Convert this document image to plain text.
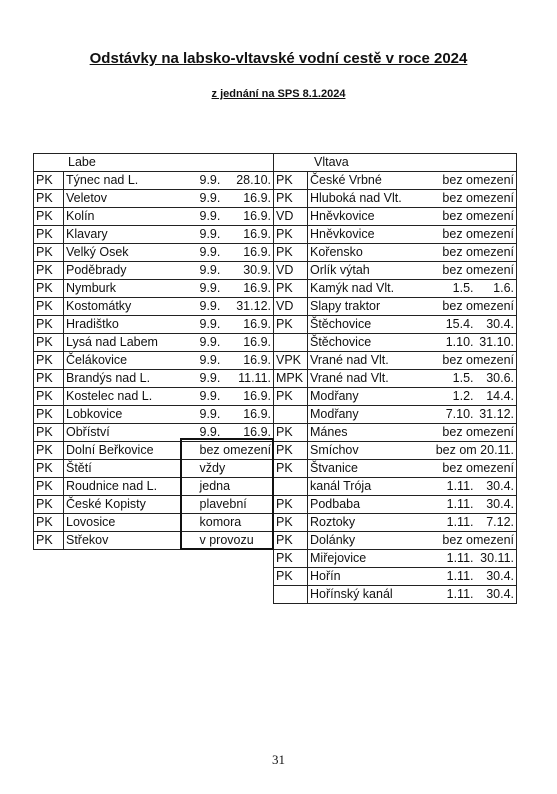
Odstávky na labsko-vltavské vodní cestě v roce 2024
z jednání na SPS 8.1.2024
Labe			
PK	Týnec nad L.	9.9.	28.10.
PK	Veletov	9.9.	16.9.
PK	Kolín	9.9.	16.9.
PK	Klavary	9.9.	16.9.
PK	Velký Osek	9.9.	16.9.
PK	Poděbrady	9.9.	30.9.
PK	Nymburk	9.9.	16.9.
PK	Kostomátky	9.9.	31.12.
PK	Hradištko	9.9.	16.9.
PK	Lysá nad Labem	9.9.	16.9.
PK	Čelákovice	9.9.	16.9.
PK	Brandýs nad L.	9.9.	11.11.
PK	Kostelec nad L.	9.9.	16.9.
PK	Lobkovice	9.9.	16.9.
PK	Obříství	9.9.	16.9.
PK	Dolní Beřkovice	bez omezení	
PK	Štětí	vždy	
PK	Roudnice nad L.	jedna	
PK	České Kopisty	plavební	
PK	Lovosice	komora	
PK	Střekov	v provozu	
Vltava			
PK	České Vrbné	bez omezení	
PK	Hluboká nad Vlt.	bez omezení	
VD	Hněvkovice	bez omezení	
PK	Hněvkovice	bez omezení	
PK	Kořensko	bez omezení	
VD	Orlík výtah	bez omezení	
PK	Kamýk nad Vlt.	1.5.	1.6.
VD	Slapy traktor	bez omezení	
PK	Štěchovice	15.4.	30.4.
	Štěchovice	1.10.	31.10.
VPK	Vrané nad Vlt.	bez omezení	
MPK	Vrané nad Vlt.	1.5.	30.6.
PK	Modřany	1.2.	14.4.
	Modřany	7.10.	31.12.
PK	Mánes	bez omezení	
PK	Smíchov	bez om 20.11.	
PK	Štvanice	bez omezení	
	kanál Trója	1.11.	30.4.
PK	Podbaba	1.11.	30.4.
PK	Roztoky	1.11.	7.12.
PK	Dolánky	bez omezení	
PK	Miřejovice	1.11.	30.11.
PK	Hořín	1.11.	30.4.
	Hořínský kanál	1.11.	30.4.
31
